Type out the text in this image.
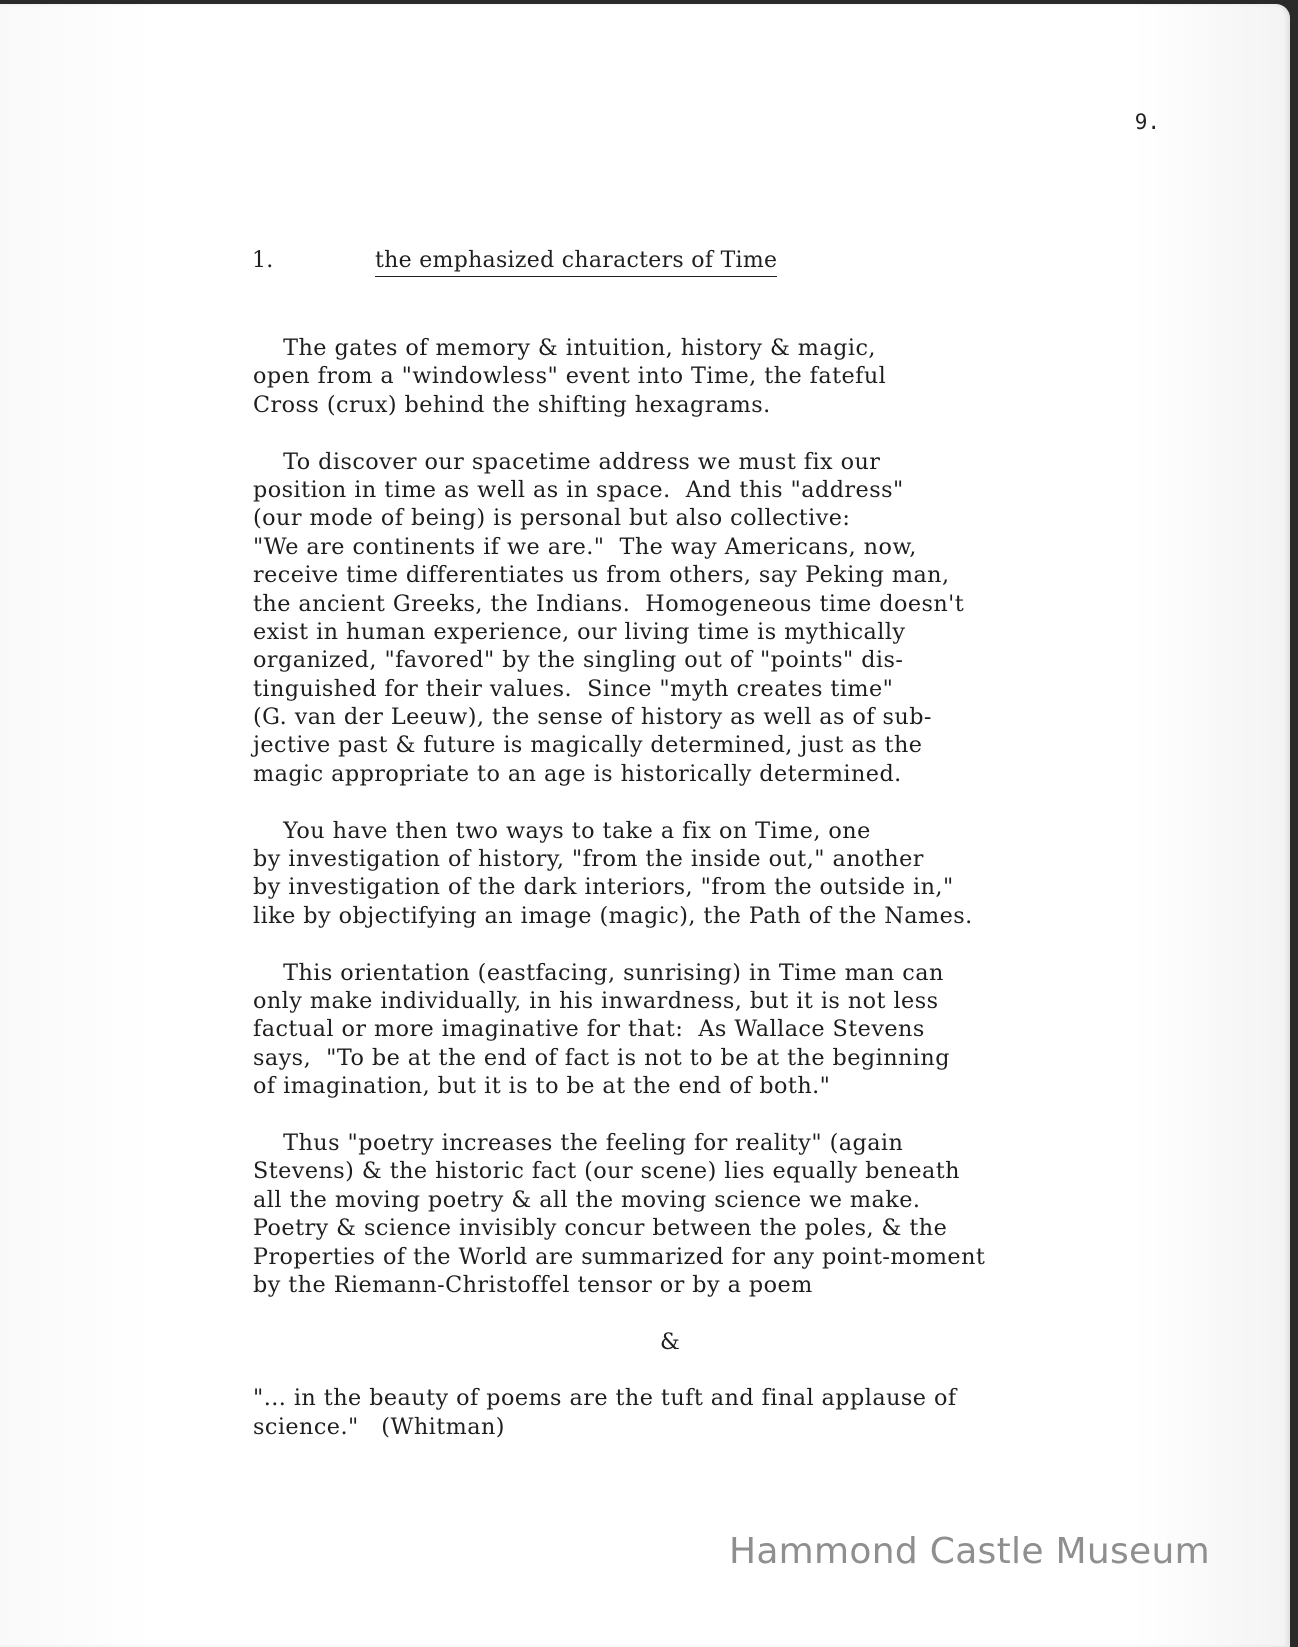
9.
1.	the emphasized characters of Time

The gates of memory & intuition, history & magic,
open from a "windowless" event into Time, the fateful
Cross (crux) behind the shifting hexagrams.

To discover our spacetime address we must fix our
position in time as well as in space.  And this "address"
(our mode of being) is personal but also collective:
"We are continents if we are."  The way Americans, now,
receive time differentiates us from others, say Peking man,
the ancient Greeks, the Indians.  Homogeneous time doesn't
exist in human experience, our living time is mythically
organized, "favored" by the singling out of "points" dis-
tinguished for their values.  Since "myth creates time"
(G. van der Leeuw), the sense of history as well as of sub-
jective past & future is magically determined, just as the
magic appropriate to an age is historically determined.

You have then two ways to take a fix on Time, one
by investigation of history, "from the inside out," another
by investigation of the dark interiors, "from the outside in,"
like by objectifying an image (magic), the Path of the Names.

This orientation (eastfacing, sunrising) in Time man can
only make individually, in his inwardness, but it is not less
factual or more imaginative for that:  As Wallace Stevens
says,  "To be at the end of fact is not to be at the beginning
of imagination, but it is to be at the end of both."

Thus "poetry increases the feeling for reality" (again
Stevens) & the historic fact (our scene) lies equally beneath
all the moving poetry & all the moving science we make.
Poetry & science invisibly concur between the poles, & the
Properties of the World are summarized for any point-moment
by the Riemann-Christoffel tensor or by a poem

&

"... in the beauty of poems are the tuft and final applause of
science."   (Whitman)

Hammond Castle Museum
